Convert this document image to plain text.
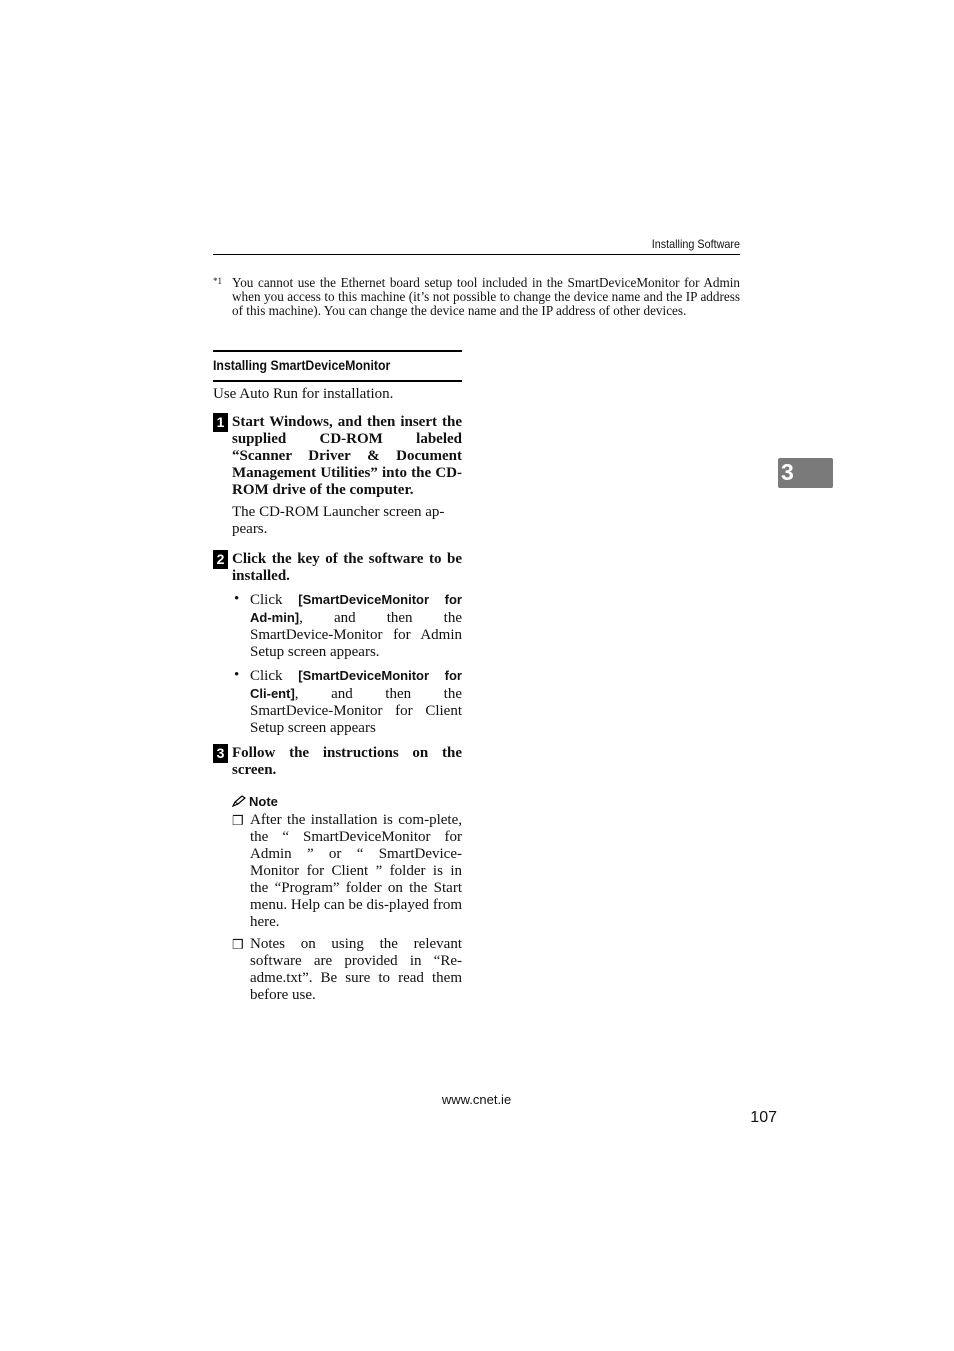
Installing Software
*1 You cannot use the Ethernet board setup tool included in the SmartDeviceMonitor for Admin when you access to this machine (it’s not possible to change the device name and the IP address of this machine). You can change the device name and the IP address of other devices.
Installing SmartDeviceMonitor
Use Auto Run for installation.
1 Start Windows, and then insert the supplied CD-ROM labeled “Scanner Driver & Document Management Utilities” into the CD-ROM drive of the computer.
The CD-ROM Launcher screen ap-pears.
2 Click the key of the software to be installed.
• Click [SmartDeviceMonitor for Ad-min], and then the SmartDevice-Monitor for Admin Setup screen appears.
• Click [SmartDeviceMonitor for Cli-ent], and then the SmartDevice-Monitor for Client Setup screen appears
3 Follow the instructions on the screen.
Note
❒ After the installation is com-plete, the “ SmartDeviceMonitor for Admin ” or “ SmartDevice-Monitor for Client ” folder is in the “Program” folder on the Start menu. Help can be dis-played from here.
❒ Notes on using the relevant software are provided in “Re-adme.txt”. Be sure to read them before use.
3
www.cnet.ie
107
